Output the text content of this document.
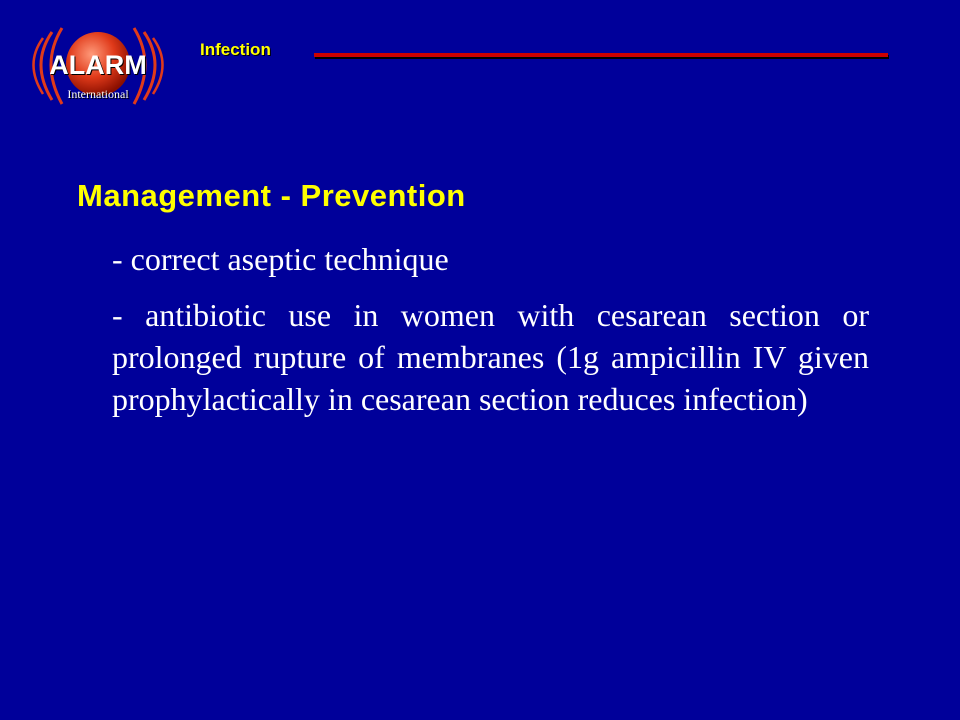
ALARM
International
Infection
Management - Prevention
- correct aseptic technique
- antibiotic use in women with cesarean section or prolonged rupture of membranes (1g ampicillin IV given prophylactically in cesarean section reduces infection)
